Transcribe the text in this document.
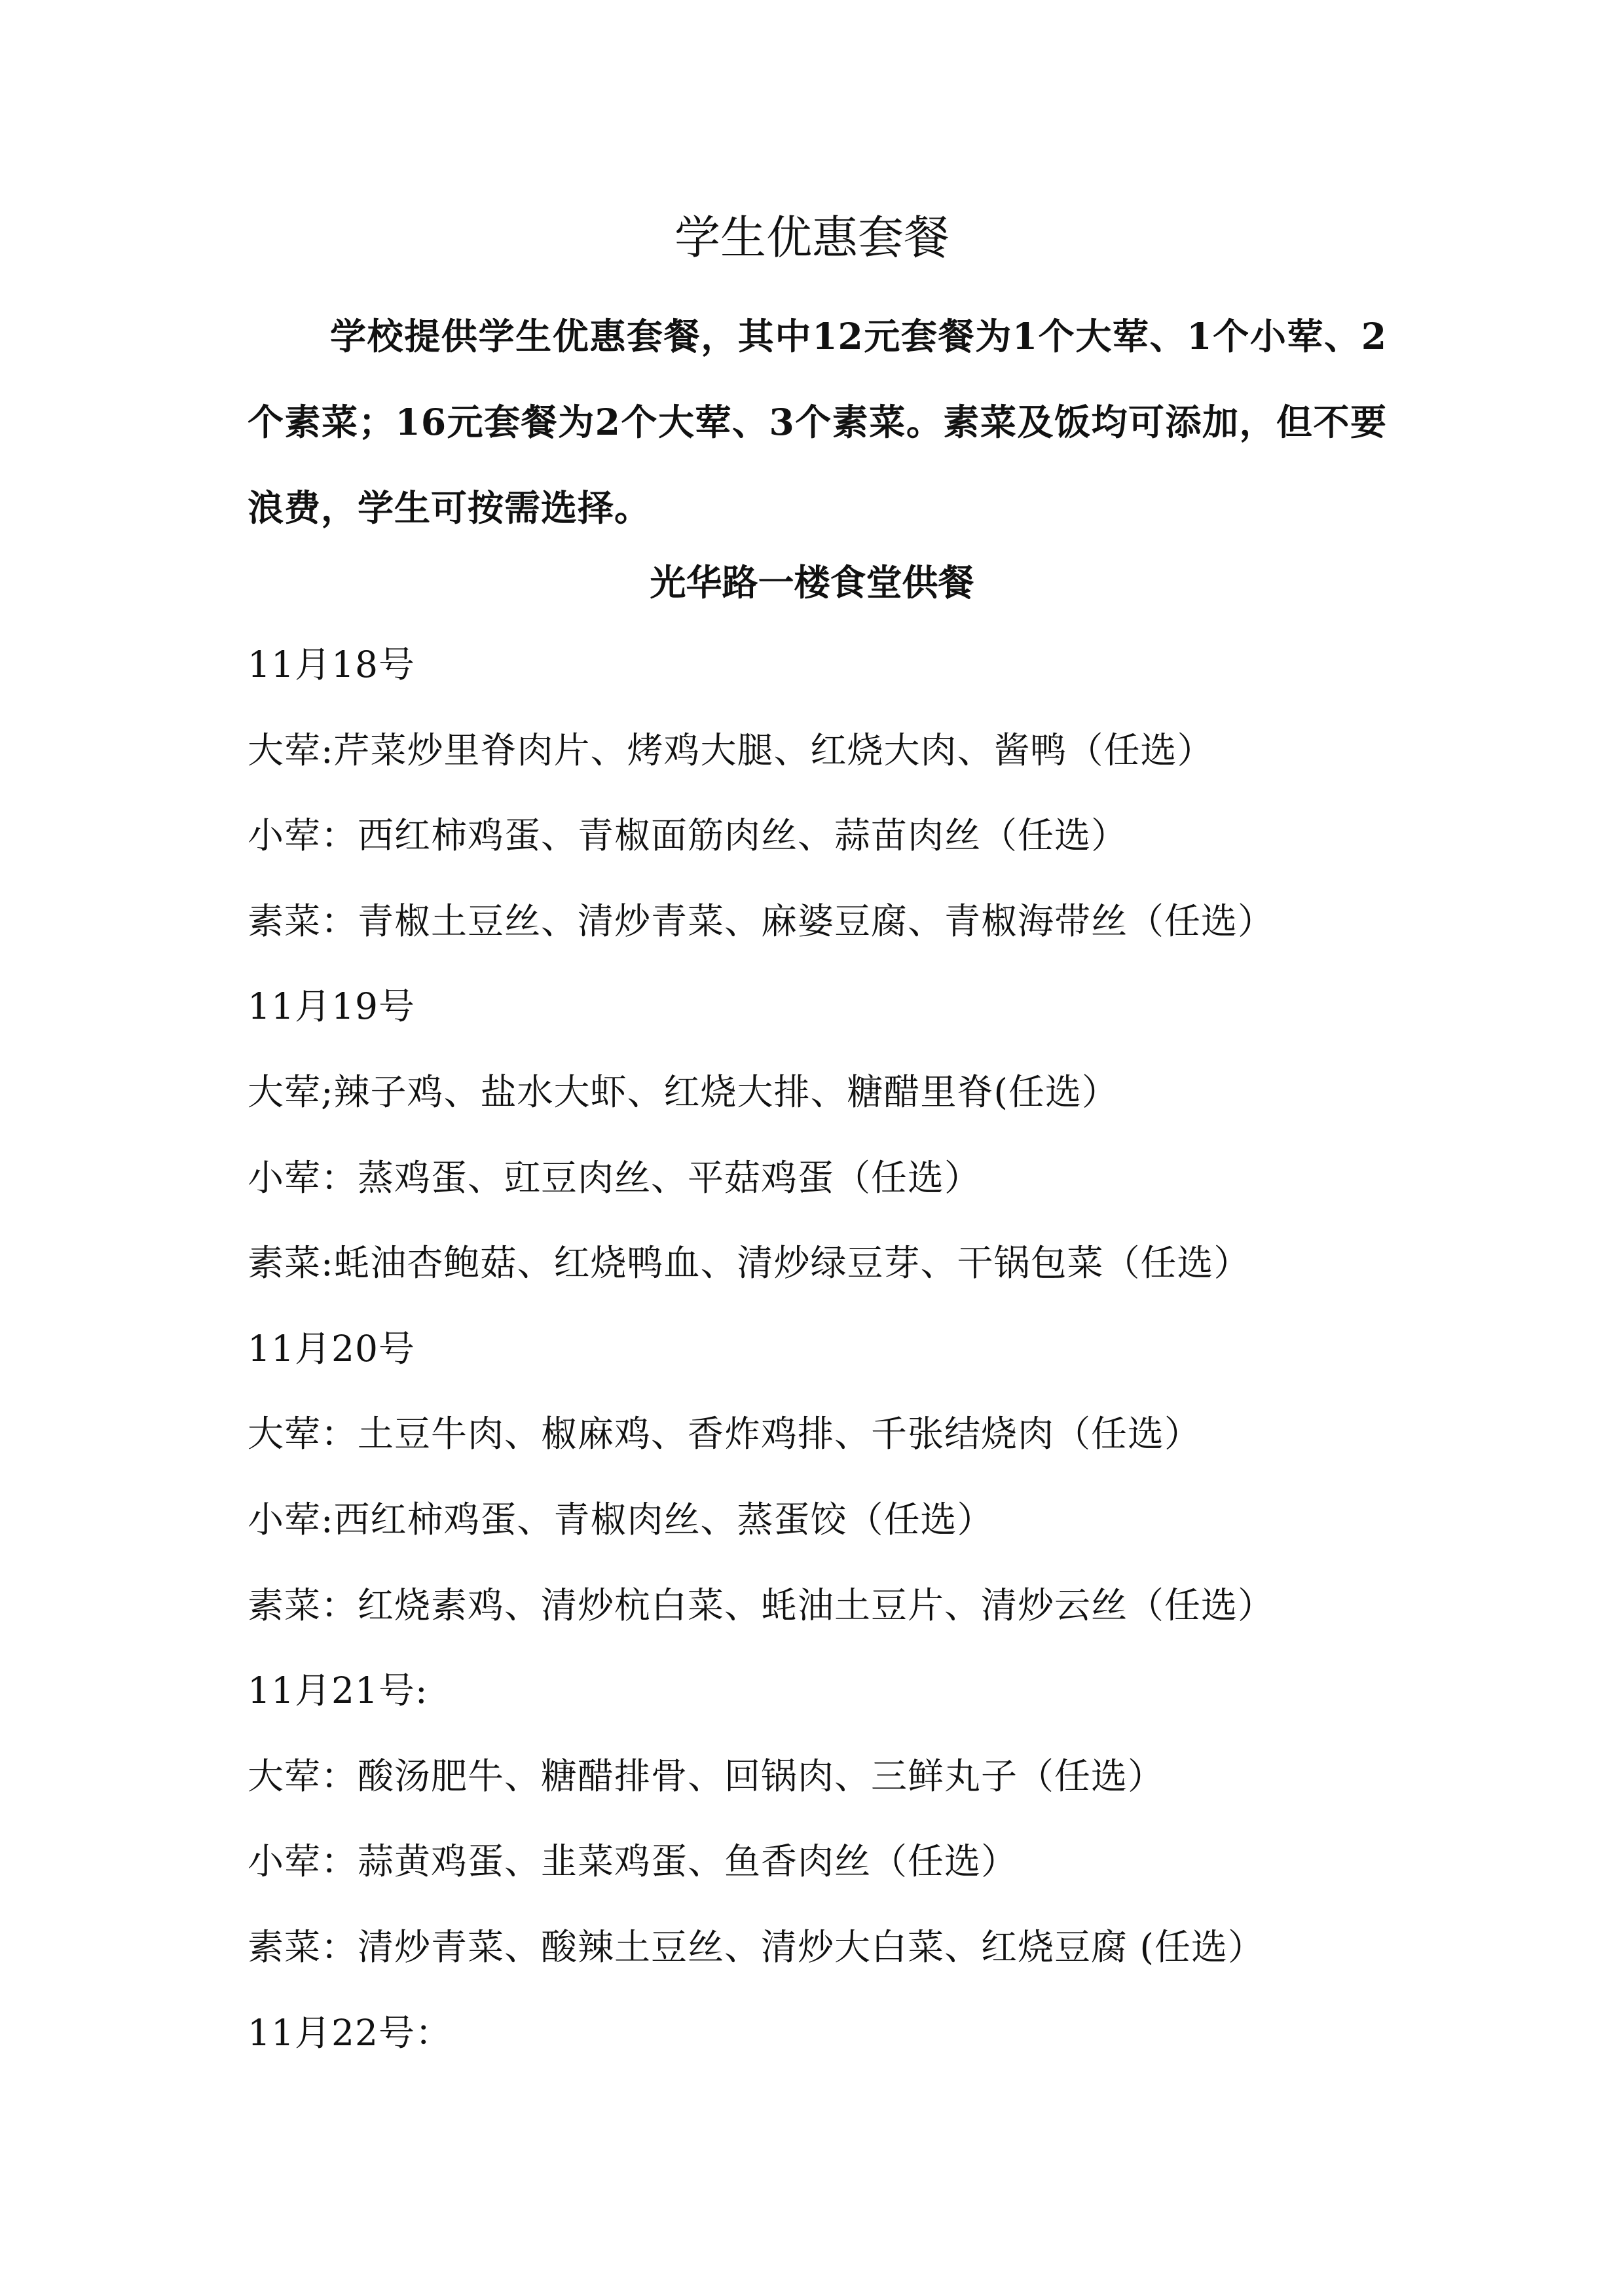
学生优惠套餐

学校提供学生优惠套餐，其中12元套餐为1个大荤、1个小荤、2个素菜；16元套餐为2个大荤、3个素菜。素菜及饭均可添加，但不要浪费，学生可按需选择。

光华路一楼食堂供餐
11月18号
大荤:芹菜炒里脊肉片、烤鸡大腿、红烧大肉、酱鸭（任选）
小荤：西红柿鸡蛋、青椒面筋肉丝、蒜苗肉丝（任选）
素菜：青椒土豆丝、清炒青菜、麻婆豆腐、青椒海带丝（任选）
11月19号
大荤;辣子鸡、盐水大虾、红烧大排、糖醋里脊(任选）
小荤：蒸鸡蛋、豇豆肉丝、平菇鸡蛋（任选）
素菜:蚝油杏鲍菇、红烧鸭血、清炒绿豆芽、干锅包菜（任选）
11月20号
大荤：土豆牛肉、椒麻鸡、香炸鸡排、千张结烧肉（任选）
小荤:西红柿鸡蛋、青椒肉丝、蒸蛋饺（任选）
素菜：红烧素鸡、清炒杭白菜、蚝油土豆片、清炒云丝（任选）
11月21号:
大荤：酸汤肥牛、糖醋排骨、回锅肉、三鲜丸子（任选）
小荤：蒜黄鸡蛋、韭菜鸡蛋、鱼香肉丝（任选）
素菜：清炒青菜、酸辣土豆丝、清炒大白菜、红烧豆腐 (任选）
11月22号：
